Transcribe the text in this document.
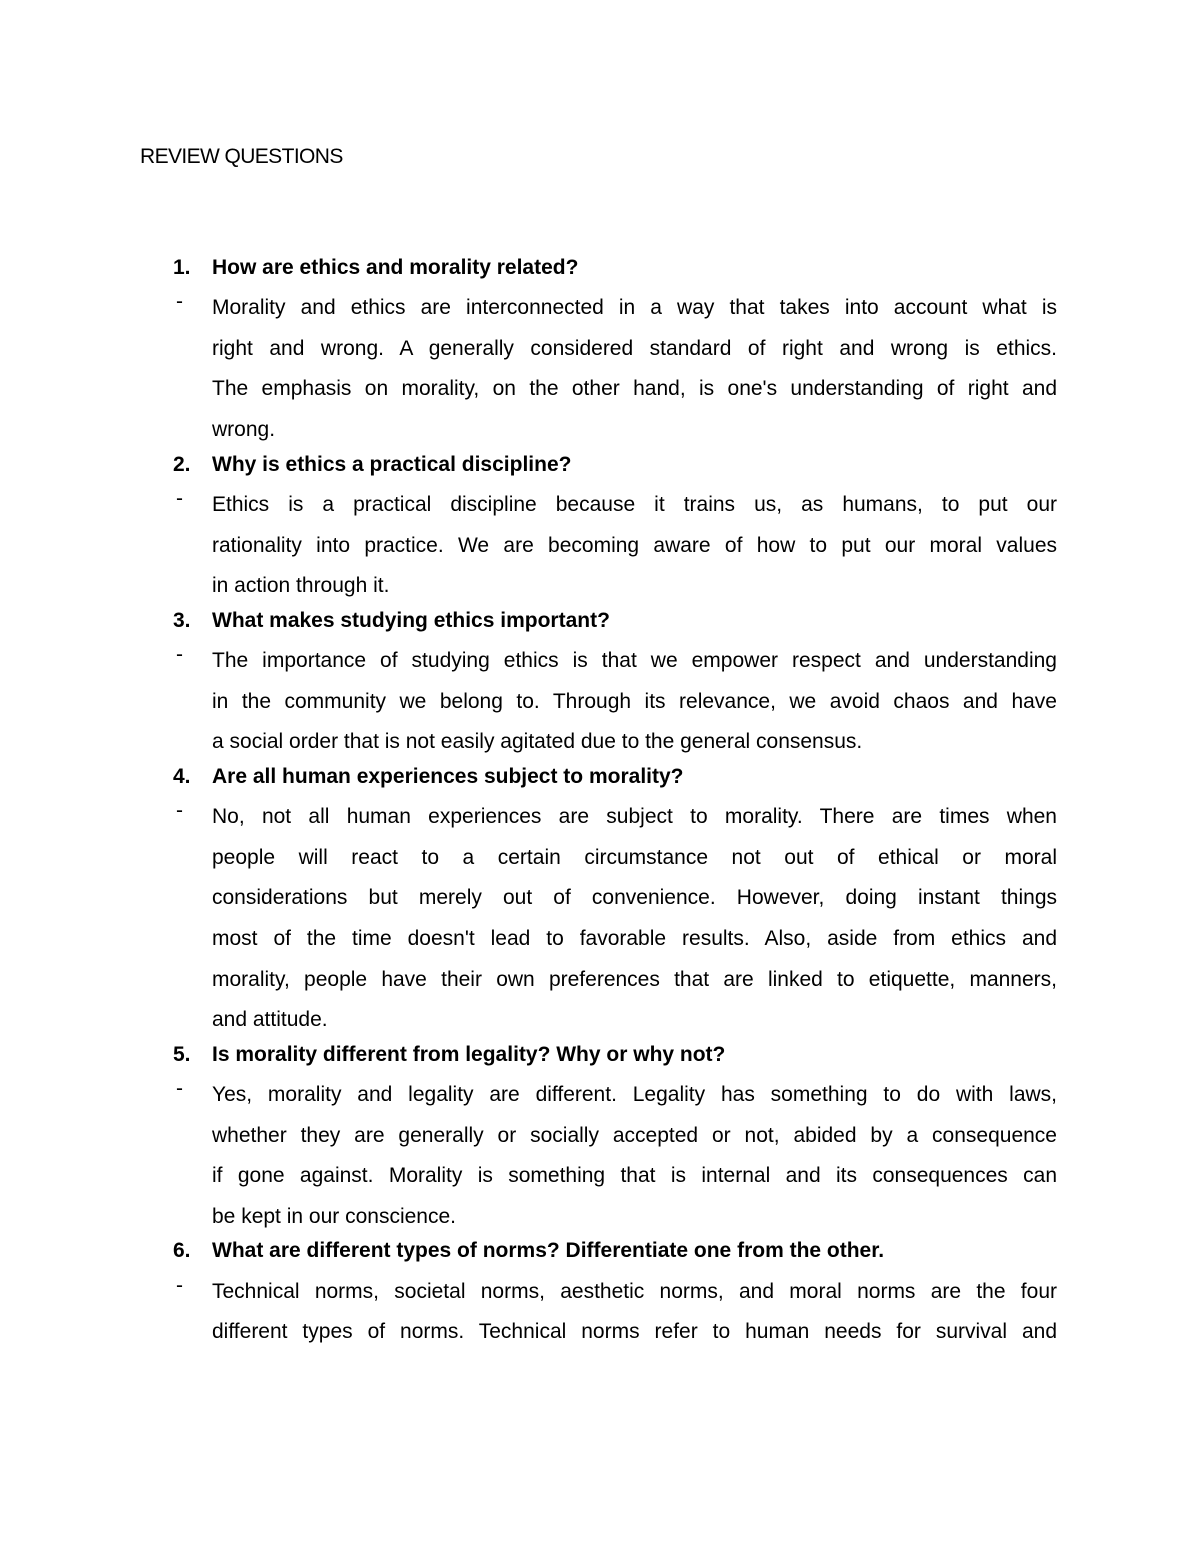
REVIEW QUESTIONS
1. How are ethics and morality related?
- Morality and ethics are interconnected in a way that takes into account what is
right and wrong. A generally considered standard of right and wrong is ethics.
The emphasis on morality, on the other hand, is one's understanding of right and
wrong.
2. Why is ethics a practical discipline?
- Ethics is a practical discipline because it trains us, as humans, to put our
rationality into practice. We are becoming aware of how to put our moral values
in action through it.
3. What makes studying ethics important?
- The importance of studying ethics is that we empower respect and understanding
in the community we belong to. Through its relevance, we avoid chaos and have
a social order that is not easily agitated due to the general consensus.
4. Are all human experiences subject to morality?
- No, not all human experiences are subject to morality. There are times when
people will react to a certain circumstance not out of ethical or moral
considerations but merely out of convenience. However, doing instant things
most of the time doesn't lead to favorable results. Also, aside from ethics and
morality, people have their own preferences that are linked to etiquette, manners,
and attitude.
5. Is morality different from legality? Why or why not?
- Yes, morality and legality are different. Legality has something to do with laws,
whether they are generally or socially accepted or not, abided by a consequence
if gone against. Morality is something that is internal and its consequences can
be kept in our conscience.
6. What are different types of norms? Differentiate one from the other.
- Technical norms, societal norms, aesthetic norms, and moral norms are the four
different types of norms. Technical norms refer to human needs for survival and
